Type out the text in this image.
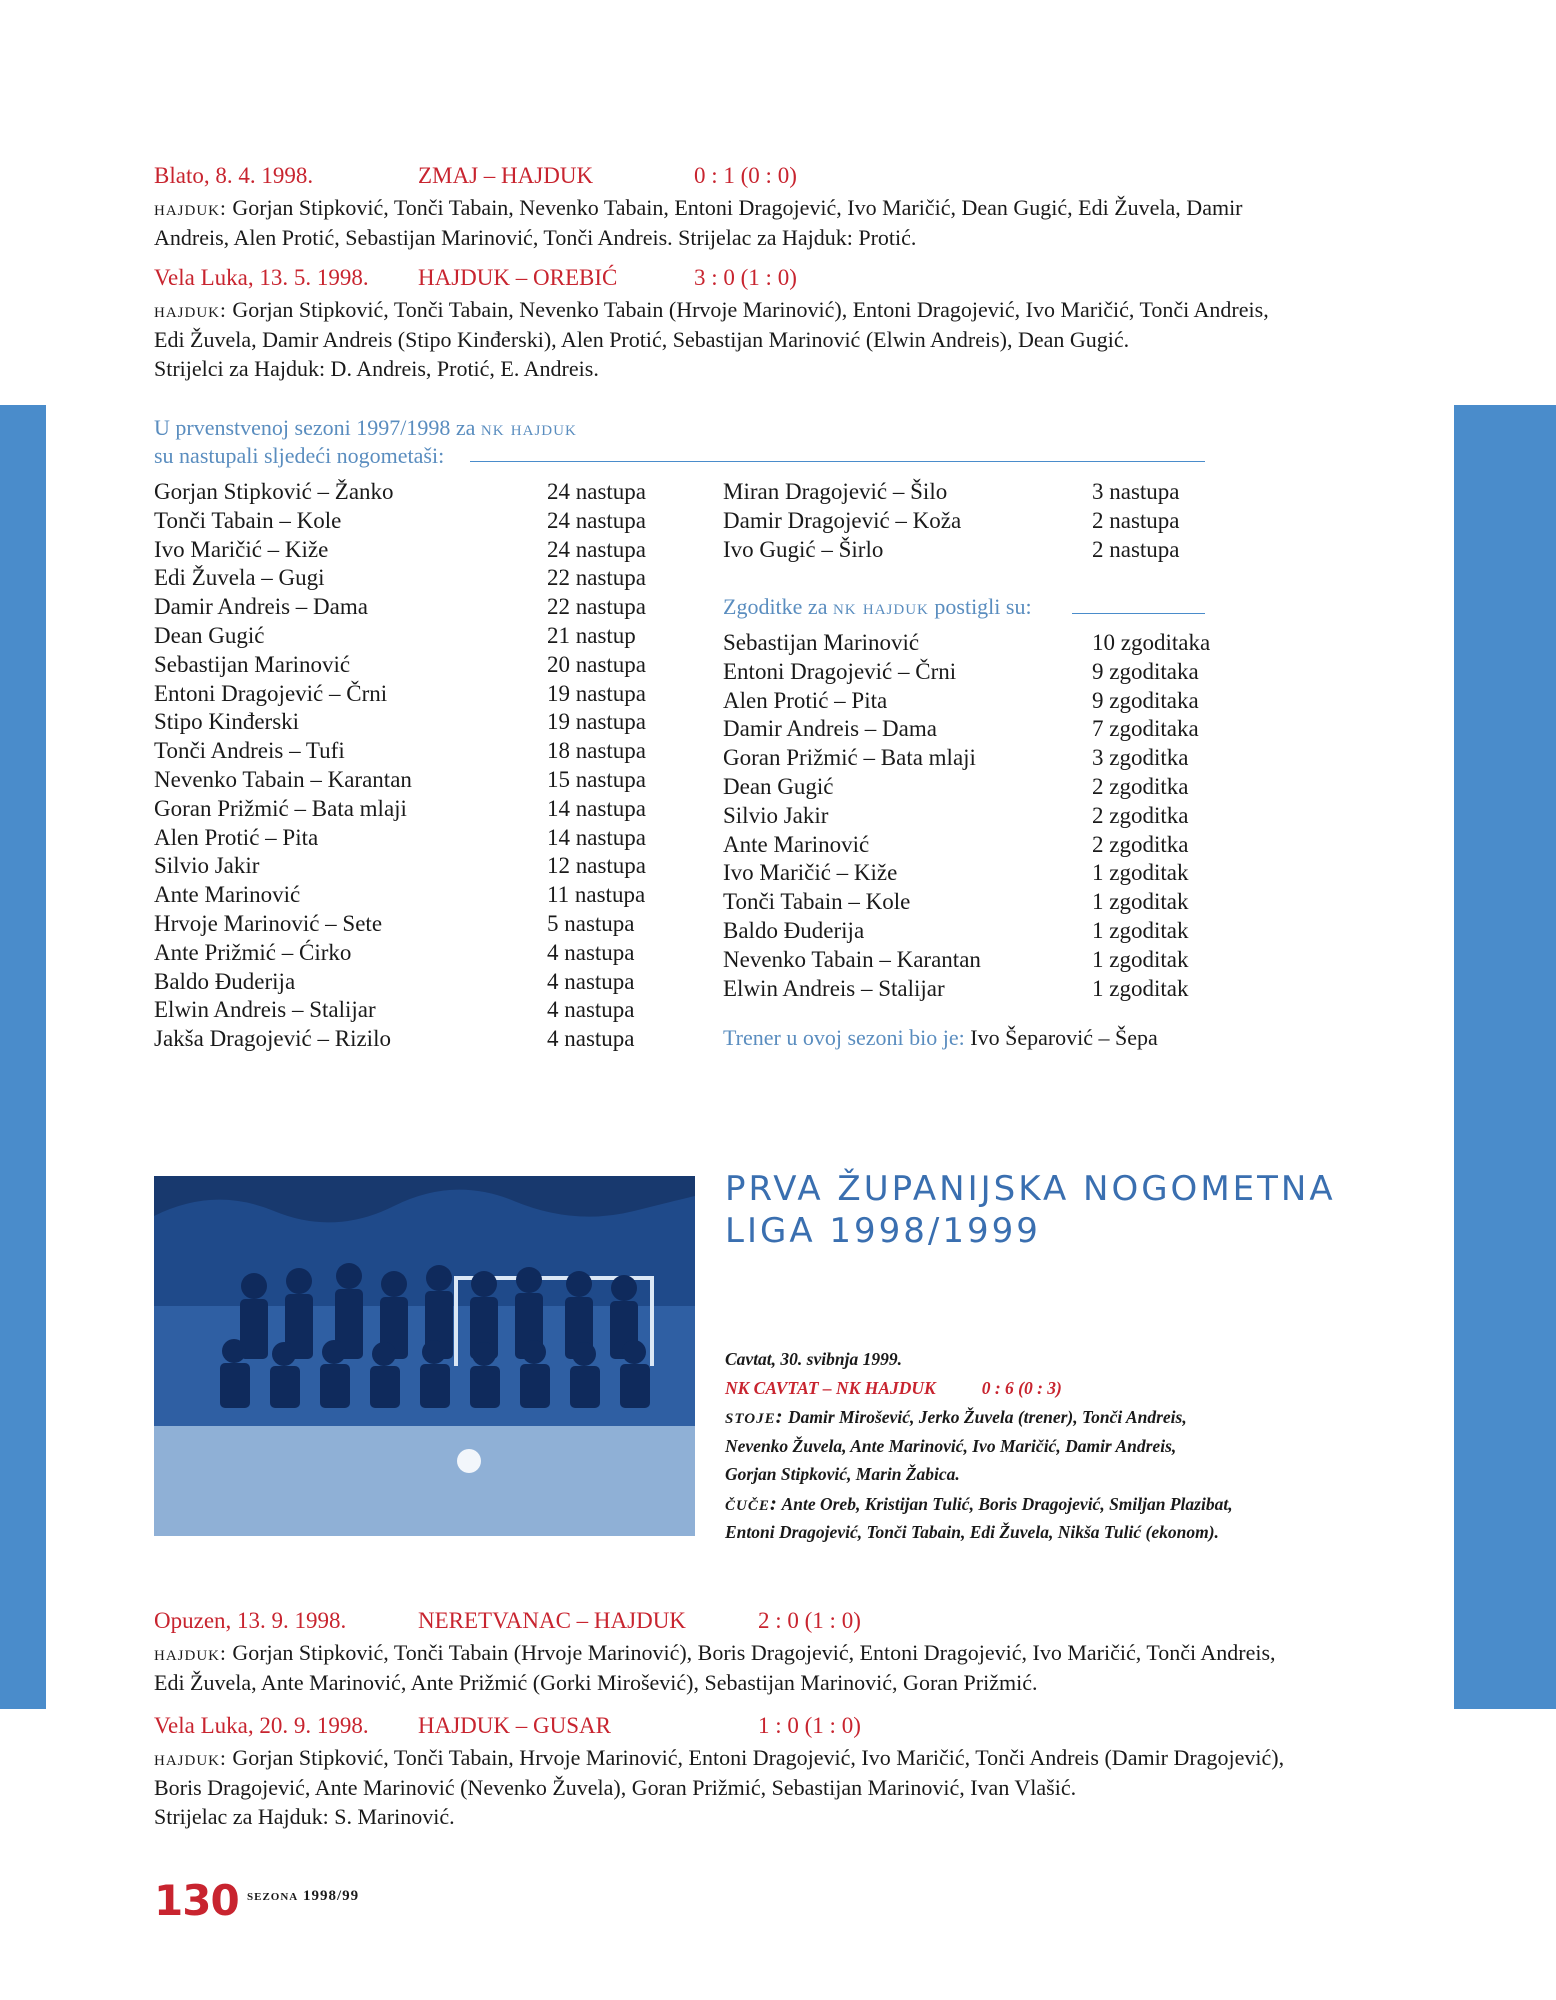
Blato, 8. 4. 1998.	ZMAJ – HAJDUK	0 : 1 (0 : 0)
hajduk: Gorjan Stipković, Tonči Tabain, Nevenko Tabain, Entoni Dragojević, Ivo Maričić, Dean Gugić, Edi Žuvela, Damir
Andreis, Alen Protić, Sebastijan Marinović, Tonči Andreis. Strijelac za Hajduk: Protić.
Vela Luka, 13. 5. 1998. HAJDUK – OREBIĆ	3 : 0 (1 : 0)
hajduk: Gorjan Stipković, Tonči Tabain, Nevenko Tabain (Hrvoje Marinović), Entoni Dragojević, Ivo Maričić, Tonči Andreis,
Edi Žuvela, Damir Andreis (Stipo Kinđerski), Alen Protić, Sebastijan Marinović (Elwin Andreis), Dean Gugić.
Strijelci za Hajduk: D. Andreis, Protić, E. Andreis.
U prvenstvenoj sezoni 1997/1998 za nk hajduk
su nastupali sljedeći nogometaši:
Gorjan Stipković – Žanko	24 nastupa
Tonči Tabain – Kole	24 nastupa
Ivo Maričić – Kiže	24 nastupa
Edi Žuvela – Gugi	22 nastupa
Damir Andreis – Dama	22 nastupa
Dean Gugić	21 nastup
Sebastijan Marinović	20 nastupa
Entoni Dragojević – Črni	19 nastupa
Stipo Kinđerski	19 nastupa
Tonči Andreis – Tufi	18 nastupa
Nevenko Tabain – Karantan	15 nastupa
Goran Prižmić – Bata mlaji	14 nastupa
Alen Protić – Pita	14 nastupa
Silvio Jakir	12 nastupa
Ante Marinović	11 nastupa
Hrvoje Marinović – Sete	5 nastupa
Ante Prižmić – Ćirko	4 nastupa
Baldo Đuderija	4 nastupa
Elwin Andreis – Stalijar	4 nastupa
Jakša Dragojević – Rizilo	4 nastupa
Miran Dragojević – Šilo	3 nastupa
Damir Dragojević – Koža	2 nastupa
Ivo Gugić – Širlo	2 nastupa
Zgoditke za nk hajduk postigli su:
Sebastijan Marinović	10 zgoditaka
Entoni Dragojević – Črni	9 zgoditaka
Alen Protić – Pita	9 zgoditaka
Damir Andreis – Dama	7 zgoditaka
Goran Prižmić – Bata mlaji	3 zgoditka
Dean Gugić	2 zgoditka
Silvio Jakir	2 zgoditka
Ante Marinović	2 zgoditka
Ivo Maričić – Kiže	1 zgoditak
Tonči Tabain – Kole	1 zgoditak
Baldo Đuderija	1 zgoditak
Nevenko Tabain – Karantan	1 zgoditak
Elwin Andreis – Stalijar	1 zgoditak
Trener u ovoj sezoni bio je: Ivo Šeparović – Šepa
PRVA ŽUPANIJSKA NOGOMETNA
LIGA 1998/1999
Cavtat, 30. svibnja 1999.
NK CAVTAT – NK HAJDUK	0 : 6 (0 : 3)
stoje: Damir Mirošević, Jerko Žuvela (trener), Tonči Andreis,
Nevenko Žuvela, Ante Marinović, Ivo Maričić, Damir Andreis,
Gorjan Stipković, Marin Žabica.
čuče: Ante Oreb, Kristijan Tulić, Boris Dragojević, Smiljan Plazibat,
Entoni Dragojević, Tonči Tabain, Edi Žuvela, Nikša Tulić (ekonom).
Opuzen, 13. 9. 1998.	NERETVANAC – HAJDUK	2 : 0 (1 : 0)
hajduk: Gorjan Stipković, Tonči Tabain (Hrvoje Marinović), Boris Dragojević, Entoni Dragojević, Ivo Maričić, Tonči Andreis,
Edi Žuvela, Ante Marinović, Ante Prižmić (Gorki Mirošević), Sebastijan Marinović, Goran Prižmić.
Vela Luka, 20. 9. 1998. HAJDUK – GUSAR	1 : 0 (1 : 0)
hajduk: Gorjan Stipković, Tonči Tabain, Hrvoje Marinović, Entoni Dragojević, Ivo Maričić, Tonči Andreis (Damir Dragojević),
Boris Dragojević, Ante Marinović (Nevenko Žuvela), Goran Prižmić, Sebastijan Marinović, Ivan Vlašić.
Strijelac za Hajduk: S. Marinović.
130 sezona 1998/99
